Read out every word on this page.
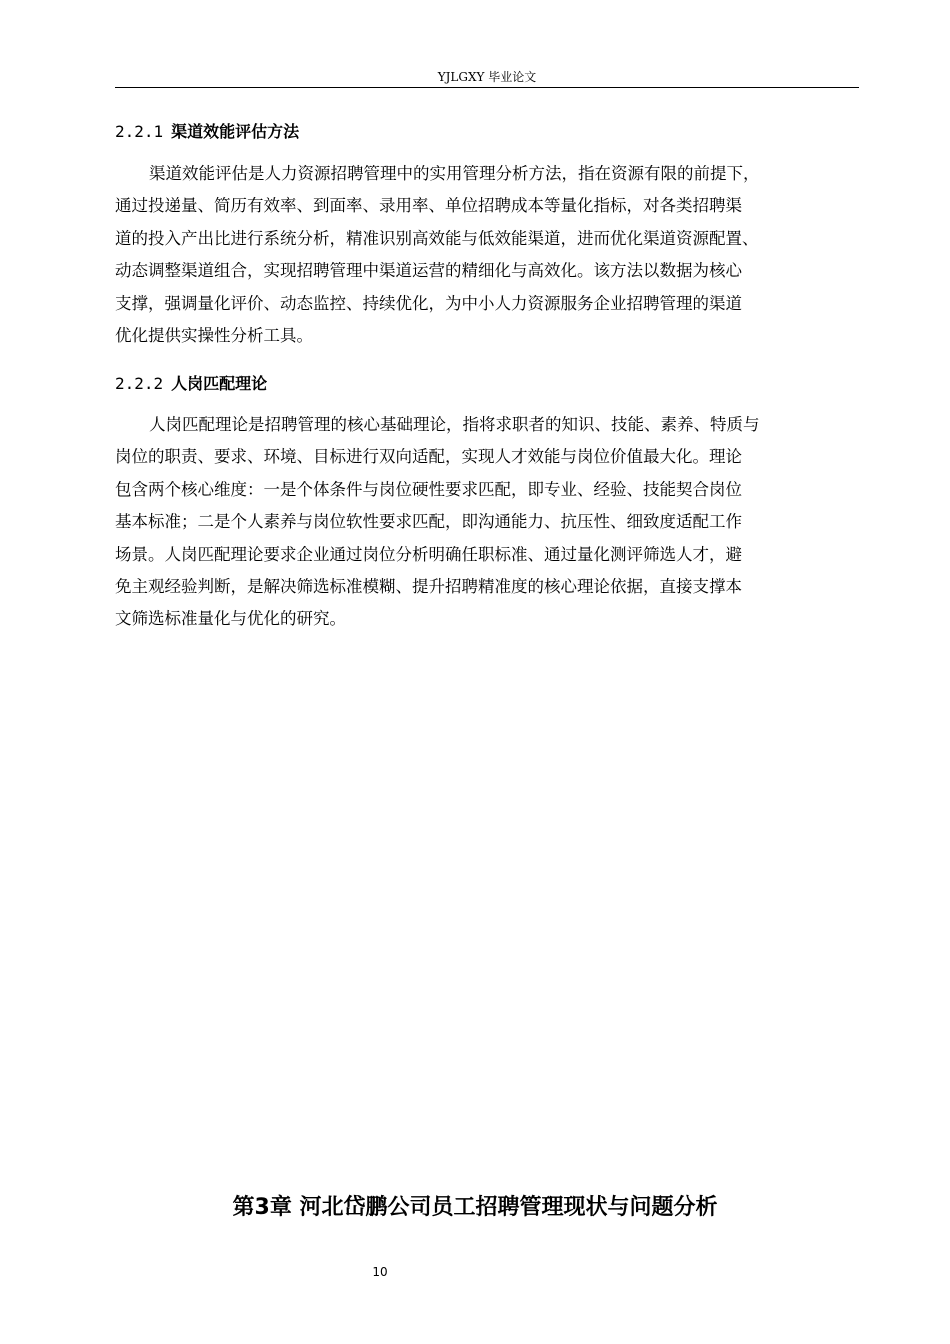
YJLGXY 毕业论文
2.2.1 渠道效能评估方法
渠道效能评估是人力资源招聘管理中的实用管理分析方法，指在资源有限的前提下，
通过投递量、简历有效率、到面率、录用率、单位招聘成本等量化指标，对各类招聘渠
道的投入产出比进行系统分析，精准识别高效能与低效能渠道，进而优化渠道资源配置、
动态调整渠道组合，实现招聘管理中渠道运营的精细化与高效化。该方法以数据为核心
支撑，强调量化评价、动态监控、持续优化，为中小人力资源服务企业招聘管理的渠道
优化提供实操性分析工具。
2.2.2 人岗匹配理论
人岗匹配理论是招聘管理的核心基础理论，指将求职者的知识、技能、素养、特质与
岗位的职责、要求、环境、目标进行双向适配，实现人才效能与岗位价值最大化。理论
包含两个核心维度：一是个体条件与岗位硬性要求匹配，即专业、经验、技能契合岗位
基本标准；二是个人素养与岗位软性要求匹配，即沟通能力、抗压性、细致度适配工作
场景。人岗匹配理论要求企业通过岗位分析明确任职标准、通过量化测评筛选人才，避
免主观经验判断，是解决筛选标准模糊、提升招聘精准度的核心理论依据，直接支撑本
文筛选标准量化与优化的研究。
第3章 河北岱鹏公司员工招聘管理现状与问题分析
10
